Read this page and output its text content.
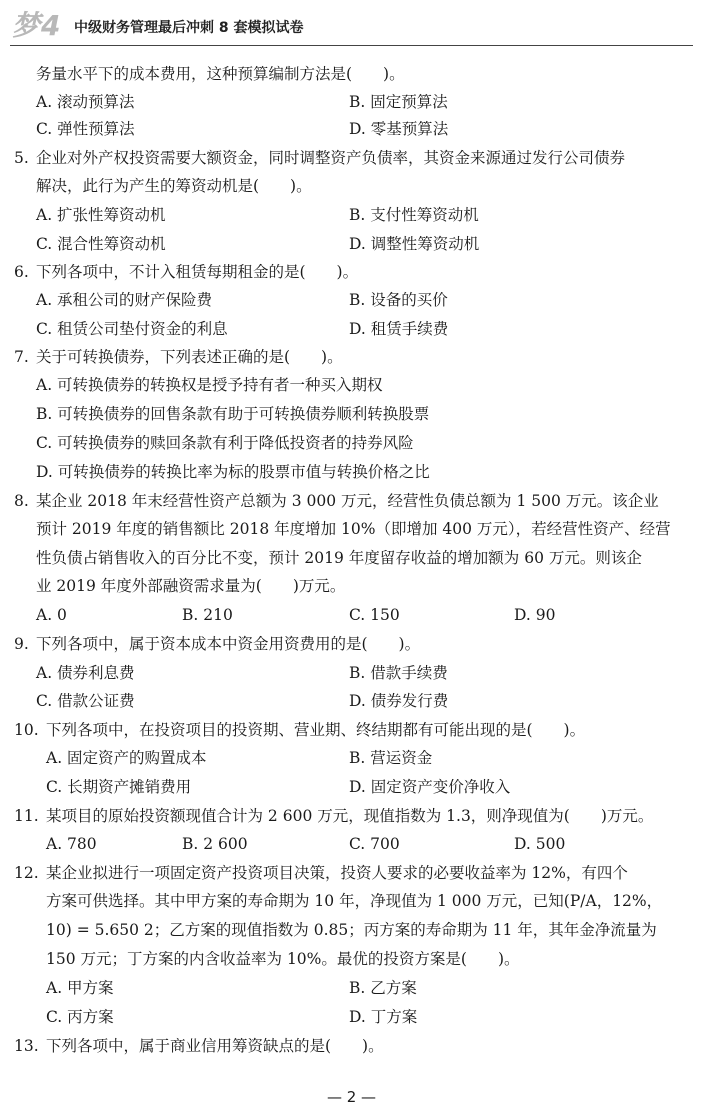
梦4 中级财务管理最后冲刺 8 套模拟试卷
务量水平下的成本费用，这种预算编制方法是(　　)。
A. 滚动预算法	B. 固定预算法
C. 弹性预算法	D. 零基预算法
5. 企业对外产权投资需要大额资金，同时调整资产负债率，其资金来源通过发行公司债券
解决，此行为产生的筹资动机是(　　)。
A. 扩张性筹资动机	B. 支付性筹资动机
C. 混合性筹资动机	D. 调整性筹资动机
6. 下列各项中，不计入租赁每期租金的是(　　)。
A. 承租公司的财产保险费	B. 设备的买价
C. 租赁公司垫付资金的利息	D. 租赁手续费
7. 关于可转换债券，下列表述正确的是(　　)。
A. 可转换债券的转换权是授予持有者一种买入期权
B. 可转换债券的回售条款有助于可转换债券顺利转换股票
C. 可转换债券的赎回条款有利于降低投资者的持券风险
D. 可转换债券的转换比率为标的股票市值与转换价格之比
8. 某企业 2018 年末经营性资产总额为 3 000 万元，经营性负债总额为 1 500 万元。该企业
预计 2019 年度的销售额比 2018 年度增加 10%（即增加 400 万元），若经营性资产、经营
性负债占销售收入的百分比不变，预计 2019 年度留存收益的增加额为 60 万元。则该企
业 2019 年度外部融资需求量为(　　)万元。
A. 0	B. 210	C. 150	D. 90
9. 下列各项中，属于资本成本中资金用资费用的是(　　)。
A. 债券利息费	B. 借款手续费
C. 借款公证费	D. 债券发行费
10. 下列各项中，在投资项目的投资期、营业期、终结期都有可能出现的是(　　)。
A. 固定资产的购置成本	B. 营运资金
C. 长期资产摊销费用	D. 固定资产变价净收入
11. 某项目的原始投资额现值合计为 2 600 万元，现值指数为 1.3，则净现值为(　　)万元。
A. 780	B. 2 600	C. 700	D. 500
12. 某企业拟进行一项固定资产投资项目决策，投资人要求的必要收益率为 12%，有四个
方案可供选择。其中甲方案的寿命期为 10 年，净现值为 1 000 万元，已知(P/A，12%，
10) = 5.650 2；乙方案的现值指数为 0.85；丙方案的寿命期为 11 年，其年金净流量为
150 万元；丁方案的内含收益率为 10%。最优的投资方案是(　　)。
A. 甲方案	B. 乙方案
C. 丙方案	D. 丁方案
13. 下列各项中，属于商业信用筹资缺点的是(　　)。
— 2 —
